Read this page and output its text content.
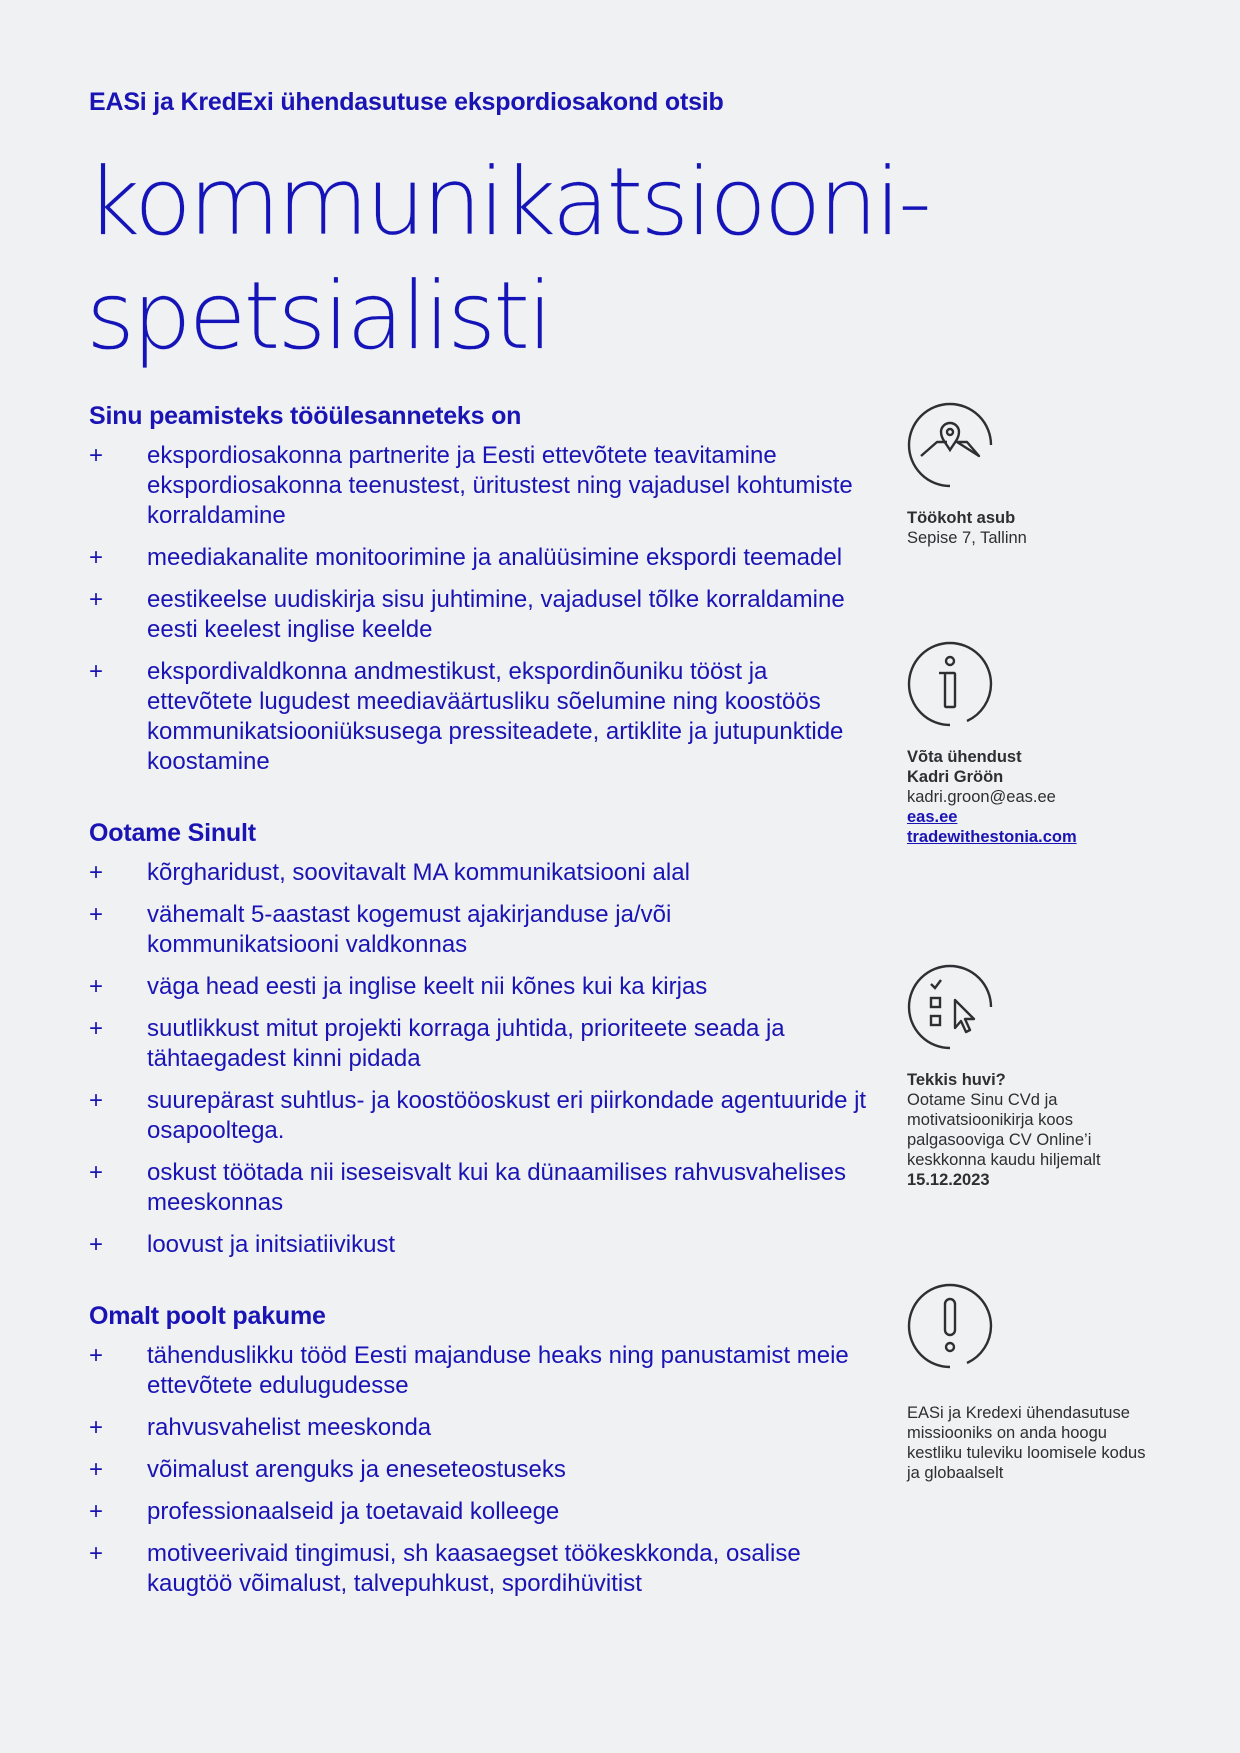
EASi ja KredExi ühendasutuse ekspordiosakond otsib
kommunikatsiooni-
spetsialisti
Sinu peamisteks tööülesanneteks on
+	ekspordiosakonna partnerite ja Eesti ettevõtete teavitamine ekspordiosakonna teenustest, üritustest ning vajadusel kohtumiste korraldamine
+	meediakanalite monitoorimine ja analüüsimine ekspordi teemadel
+	eestikeelse uudiskirja sisu juhtimine, vajadusel tõlke korraldamine eesti keelest inglise keelde
+	ekspordivaldkonna andmestikust, ekspordinõuniku tööst ja ettevõtete lugudest meediaväärtusliku sõelumine ning koostöös kommunikatsiooniüksusega pressiteadete, artiklite ja jutupunktide koostamine
Ootame Sinult
+	kõrgharidust, soovitavalt MA kommunikatsiooni alal
+	vähemalt 5-aastast kogemust ajakirjanduse ja/või kommunikatsiooni valdkonnas
+	väga head eesti ja inglise keelt nii kõnes kui ka kirjas
+	suutlikkust mitut projekti korraga juhtida, prioriteete seada ja tähtaegadest kinni pidada
+	suurepärast suhtlus- ja koostööoskust eri piirkondade agentuuride jt osapooltega.
+	oskust töötada nii iseseisvalt kui ka dünaamilises rahvusvahelises meeskonnas
+	loovust ja initsiatiivikust
Omalt poolt pakume
+	tähenduslikku tööd Eesti majanduse heaks ning panustamist meie ettevõtete edulugudesse
+	rahvusvahelist meeskonda
+	võimalust arenguks ja eneseteostuseks
+	professionaalseid ja toetavaid kolleege
+	motiveerivaid tingimusi, sh kaasaegset töökeskkonda, osalise kaugtöö võimalust, talvepuhkust, spordihüvitist
Töökoht asub
Sepise 7, Tallinn
Võta ühendust
Kadri Gröön
kadri.groon@eas.ee
eas.ee
tradewithestonia.com
Tekkis huvi?
Ootame Sinu CVd ja motivatsioonikirja koos palgasooviga CV Online’i keskkonna kaudu hiljemalt
15.12.2023
EASi ja Kredexi ühendasutuse missiooniks on anda hoogu kestliku tuleviku loomisele kodus ja globaalselt
